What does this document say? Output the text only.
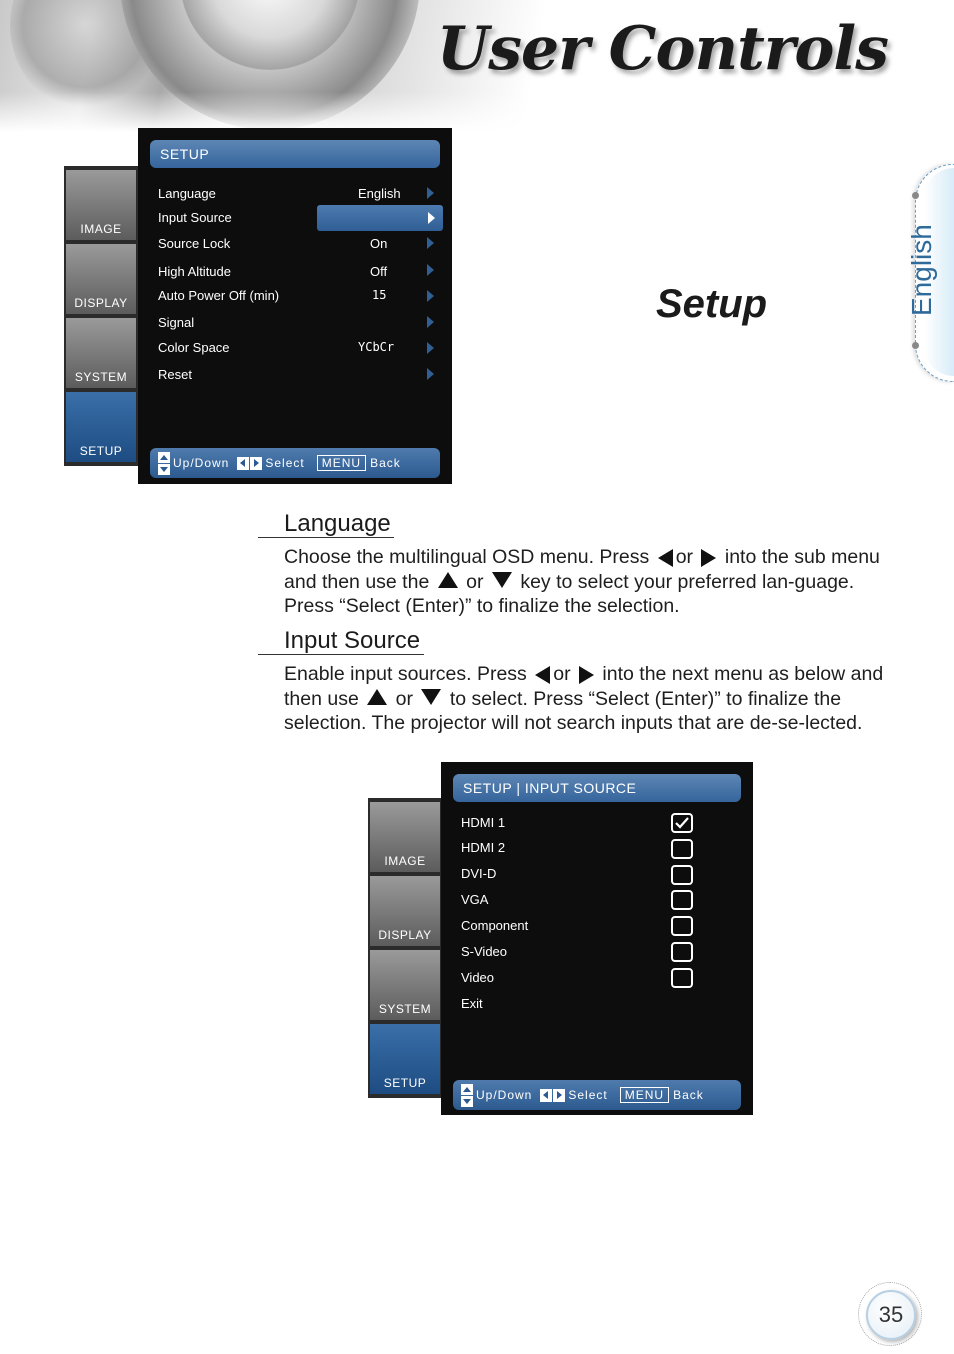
User Controls
English
Setup
IMAGE
DISPLAY
SYSTEM
SETUP
SETUP
Language	English
Input Source
Source Lock	On
High Altitude	Off
Auto Power Off (min)	15
Signal
Color Space	YCbCr
Reset
Up/Down	Select	MENU Back
Language
Choose the multilingual OSD menu. Press or into the sub menu and then use the or key to select your preferred lan-guage. Press “Select (Enter)” to finalize the selection.
Input Source
Enable input sources. Press or into the next menu as below and then use or to select. Press “Select (Enter)” to finalize the selection. The projector will not search inputs that are de-se-lected.
IMAGE
DISPLAY
SYSTEM
SETUP
SETUP | INPUT SOURCE
HDMI 1
HDMI 2
DVI-D
VGA
Component
S-Video
Video
Exit
Up/Down	Select	MENU Back
35
